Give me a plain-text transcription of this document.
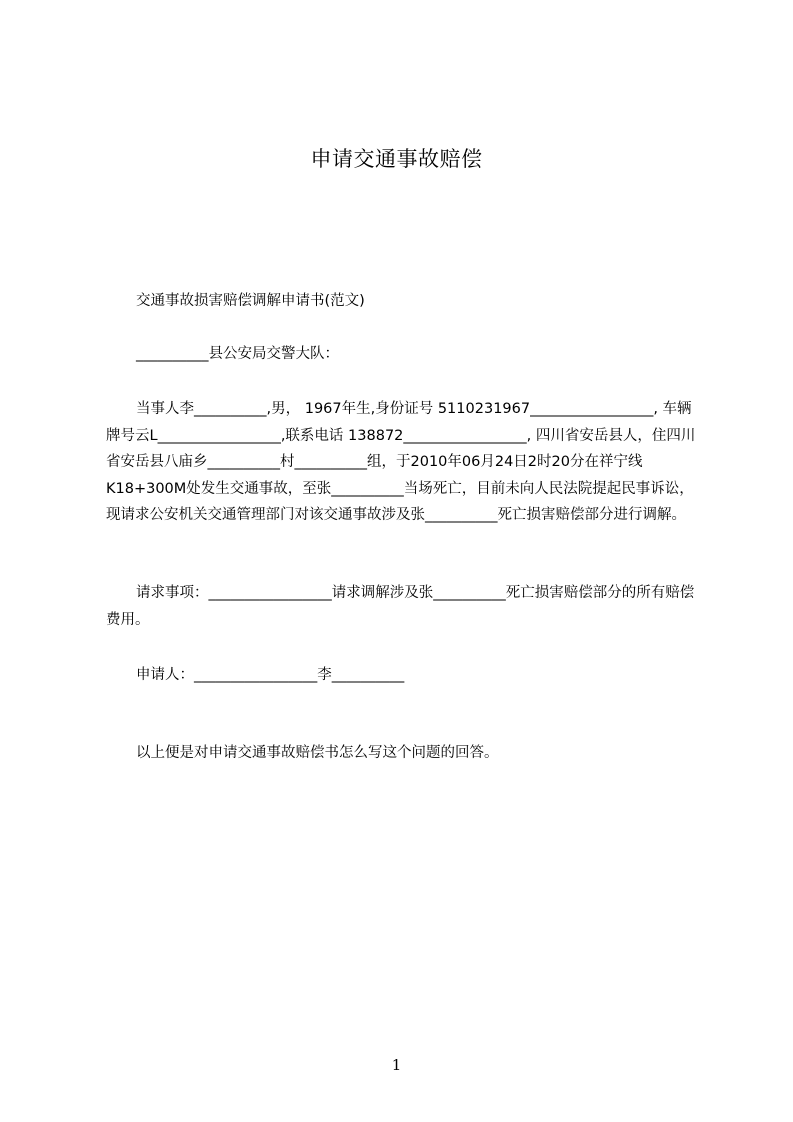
申请交通事故赔偿
交通事故损害赔偿调解申请书(范文)
__________县公安局交警大队：
当事人李__________,男， 1967年生,身份证号 5110231967_________________, 车辆牌号云L_________________,联系电话 138872_________________, 四川省安岳县人，住四川省安岳县八庙乡__________村__________组，于2010年06月24日2时20分在祥宁线K18+300M处发生交通事故，至张__________当场死亡，目前未向人民法院提起民事诉讼，现请求公安机关交通管理部门对该交通事故涉及张__________死亡损害赔偿部分进行调解。
请求事项：_________________请求调解涉及张__________死亡损害赔偿部分的所有赔偿费用。
申请人：_________________李__________
以上便是对申请交通事故赔偿书怎么写这个问题的回答。
1
